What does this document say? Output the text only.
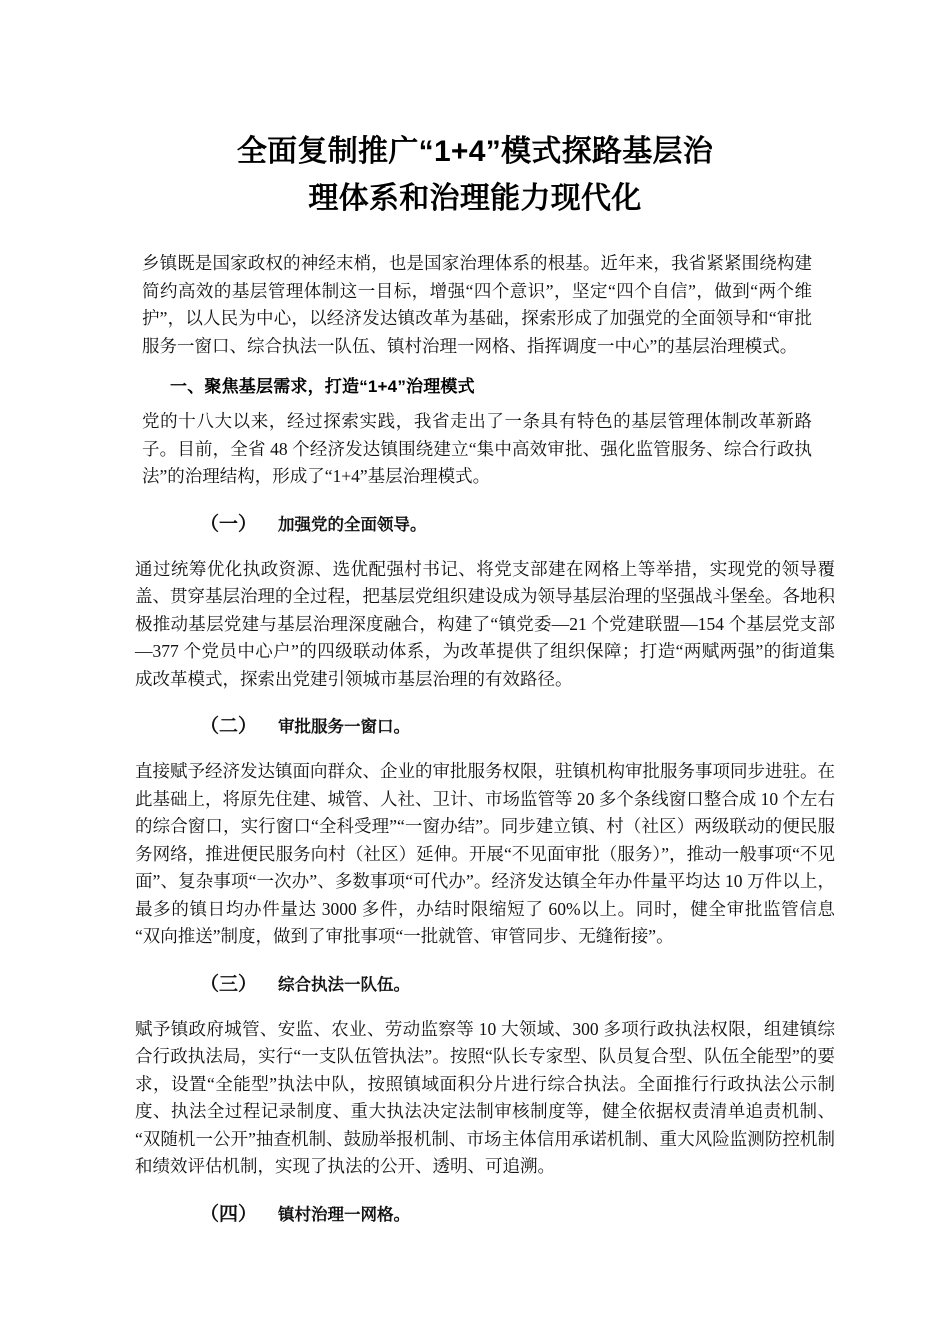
全面复制推广“1+4”模式探路基层治
理体系和治理能力现代化

乡镇既是国家政权的神经末梢，也是国家治理体系的根基。近年来，我省紧紧围绕构建简约高效的基层管理体制这一目标，增强“四个意识”，坚定“四个自信”，做到“两个维护”，以人民为中心，以经济发达镇改革为基础，探索形成了加强党的全面领导和“审批服务一窗口、综合执法一队伍、镇村治理一网格、指挥调度一中心”的基层治理模式。

一、聚焦基层需求，打造“1+4”治理模式

党的十八大以来，经过探索实践，我省走出了一条具有特色的基层管理体制改革新路子。目前，全省 48 个经济发达镇围绕建立“集中高效审批、强化监管服务、综合行政执法”的治理结构，形成了“1+4”基层治理模式。

（一） 加强党的全面领导。

通过统筹优化执政资源、选优配强村书记、将党支部建在网格上等举措，实现党的领导覆盖、贯穿基层治理的全过程，把基层党组织建设成为领导基层治理的坚强战斗堡垒。各地积极推动基层党建与基层治理深度融合，构建了“镇党委—21 个党建联盟—154 个基层党支部—377 个党员中心户”的四级联动体系，为改革提供了组织保障；打造“两赋两强”的街道集成改革模式，探索出党建引领城市基层治理的有效路径。

（二） 审批服务一窗口。

直接赋予经济发达镇面向群众、企业的审批服务权限，驻镇机构审批服务事项同步进驻。在此基础上，将原先住建、城管、人社、卫计、市场监管等 20 多个条线窗口整合成 10 个左右的综合窗口，实行窗口“全科受理”“一窗办结”。同步建立镇、村（社区）两级联动的便民服务网络，推进便民服务向村（社区）延伸。开展“不见面审批（服务）”，推动一般事项“不见面”、复杂事项“一次办”、多数事项“可代办”。经济发达镇全年办件量平均达 10 万件以上， 最多的镇日均办件量达 3000 多件，办结时限缩短了 60%以上。同时，健全审批监管信息“双向推送”制度，做到了审批事项“一批就管、审管同步、无缝衔接”。

（三） 综合执法一队伍。

赋予镇政府城管、安监、农业、劳动监察等 10 大领域、300 多项行政执法权限，组建镇综合行政执法局，实行“一支队伍管执法”。按照“队长专家型、队员复合型、队伍全能型”的要求，设置“全能型”执法中队，按照镇域面积分片进行综合执法。全面推行行政执法公示制度、执法全过程记录制度、重大执法决定法制审核制度等，健全依据权责清单追责机制、“双随机一公开”抽查机制、鼓励举报机制、市场主体信用承诺机制、重大风险监测防控机制和绩效评估机制，实现了执法的公开、透明、可追溯。

（四） 镇村治理一网格。
